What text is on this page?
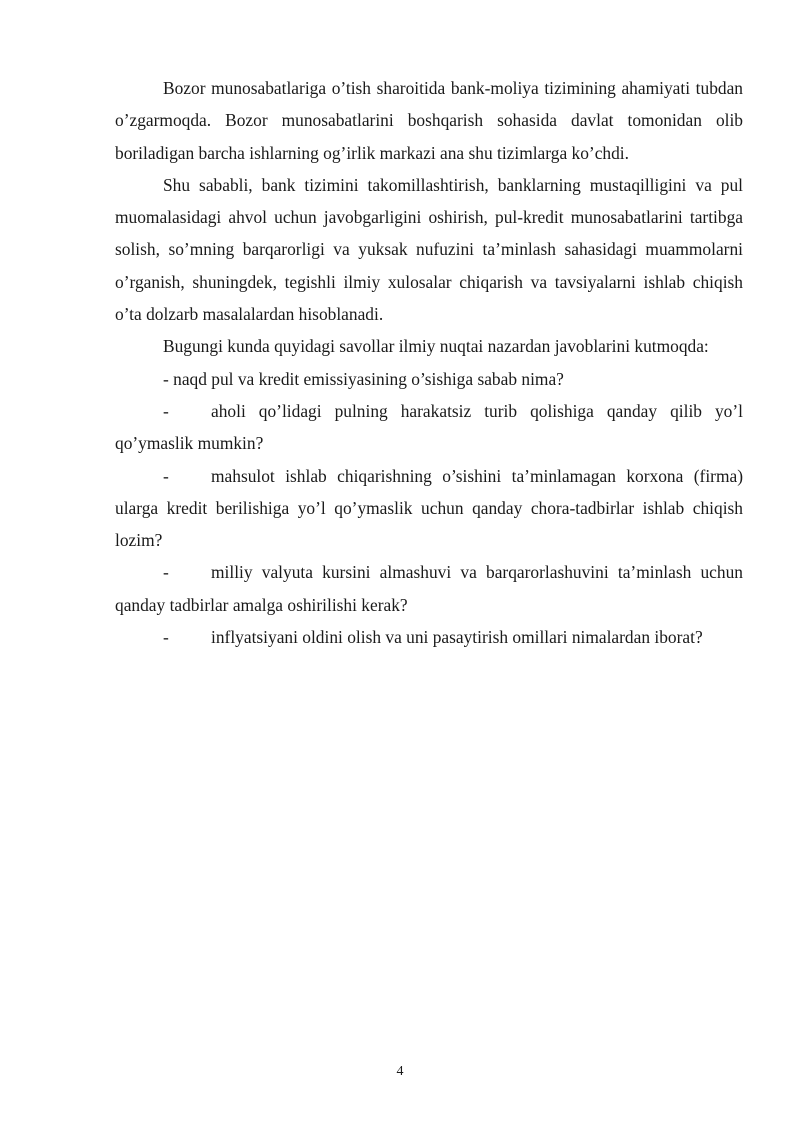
Bozor munosabatlariga o’tish sharoitida bank-moliya tizimining ahamiyati tubdan o’zgarmoqda. Bozor munosabatlarini boshqarish sohasida davlat tomonidan olib boriladigan barcha ishlarning og’irlik markazi ana shu tizimlarga ko’chdi.

Shu sababli, bank tizimini takomillashtirish, banklarning mustaqilligini va pul muomalasidagi ahvol uchun javobgarligini oshirish, pul-kredit munosabatlarini tartibga solish, so’mning barqarorligi va yuksak nufuzini ta’minlash sahasidagi muammolarni o’rganish, shuningdek, tegishli ilmiy xulosalar chiqarish va tavsiyalarni ishlab chiqish o’ta dolzarb masalalardan hisoblanadi.

Bugungi kunda quyidagi savollar ilmiy nuqtai nazardan javoblarini kutmoqda:

- naqd pul va kredit emissiyasining o’sishiga sabab nima?

- aholi qo’lidagi pulning harakatsiz turib qolishiga qanday qilib yo’l qo’ymaslik mumkin?

- mahsulot ishlab chiqarishning o’sishini ta’minlamagan korxona (firma) ularga kredit berilishiga yo’l qo’ymaslik uchun qanday chora-tadbirlar ishlab chiqish lozim?

- milliy valyuta kursini almashuvi va barqarorlashuvini ta’minlash uchun qanday tadbirlar amalga oshirilishi kerak?

- inflyatsiyani oldini olish va uni pasaytirish omillari nimalardan iborat?

4
